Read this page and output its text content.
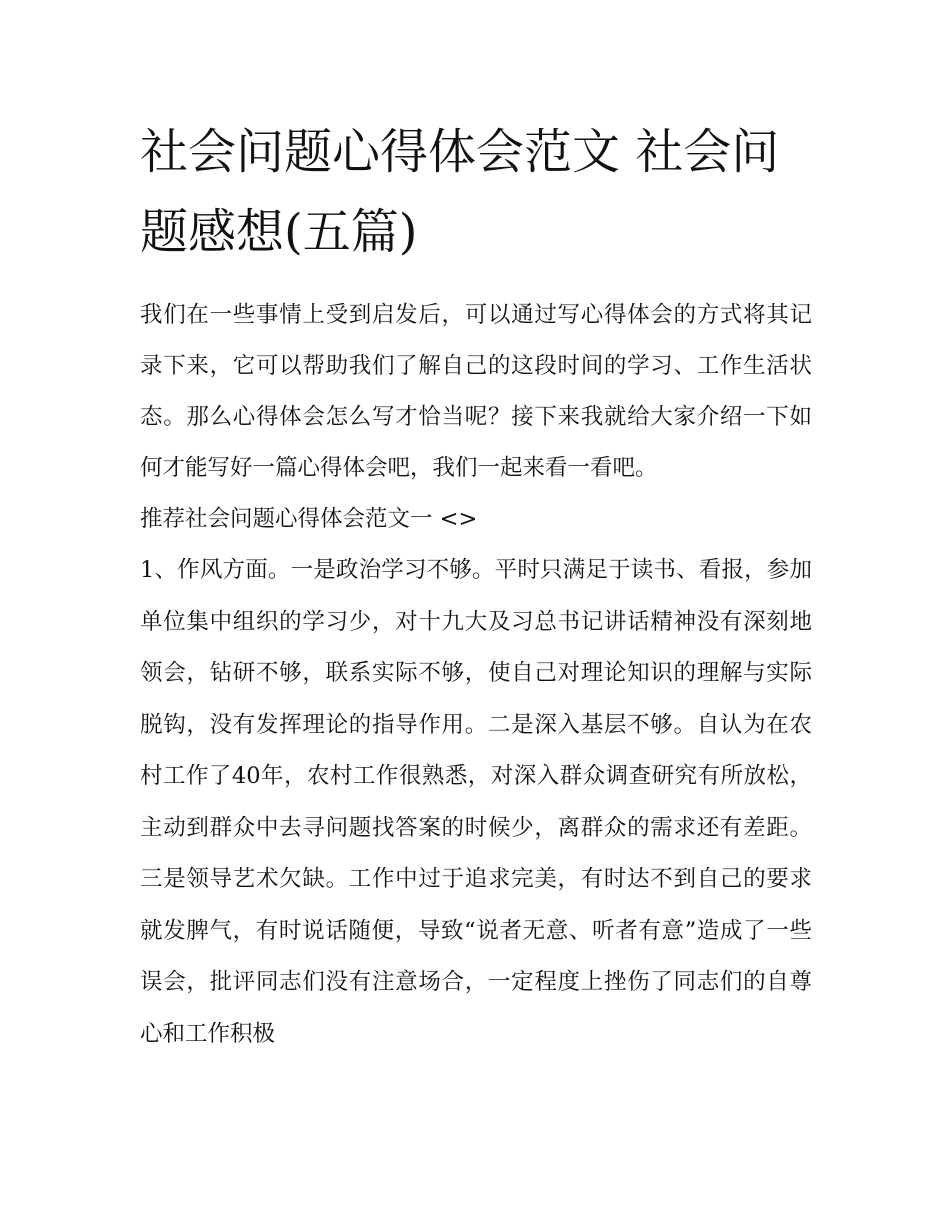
社会问题心得体会范文 社会问题感想(五篇)

我们在一些事情上受到启发后，可以通过写心得体会的方式将其记录下来，它可以帮助我们了解自己的这段时间的学习、工作生活状态。那么心得体会怎么写才恰当呢？接下来我就给大家介绍一下如何才能写好一篇心得体会吧，我们一起来看一看吧。

推荐社会问题心得体会范文一 <>

1、作风方面。一是政治学习不够。平时只满足于读书、看报，参加单位集中组织的学习少，对十九大及习总书记讲话精神没有深刻地领会，钻研不够，联系实际不够，使自己对理论知识的理解与实际脱钩，没有发挥理论的指导作用。二是深入基层不够。自认为在农村工作了40年，农村工作很熟悉，对深入群众调查研究有所放松，主动到群众中去寻问题找答案的时候少，离群众的需求还有差距。三是领导艺术欠缺。工作中过于追求完美，有时达不到自己的要求就发脾气，有时说话随便，导致“说者无意、听者有意”造成了一些误会，批评同志们没有注意场合，一定程度上挫伤了同志们的自尊心和工作积极
